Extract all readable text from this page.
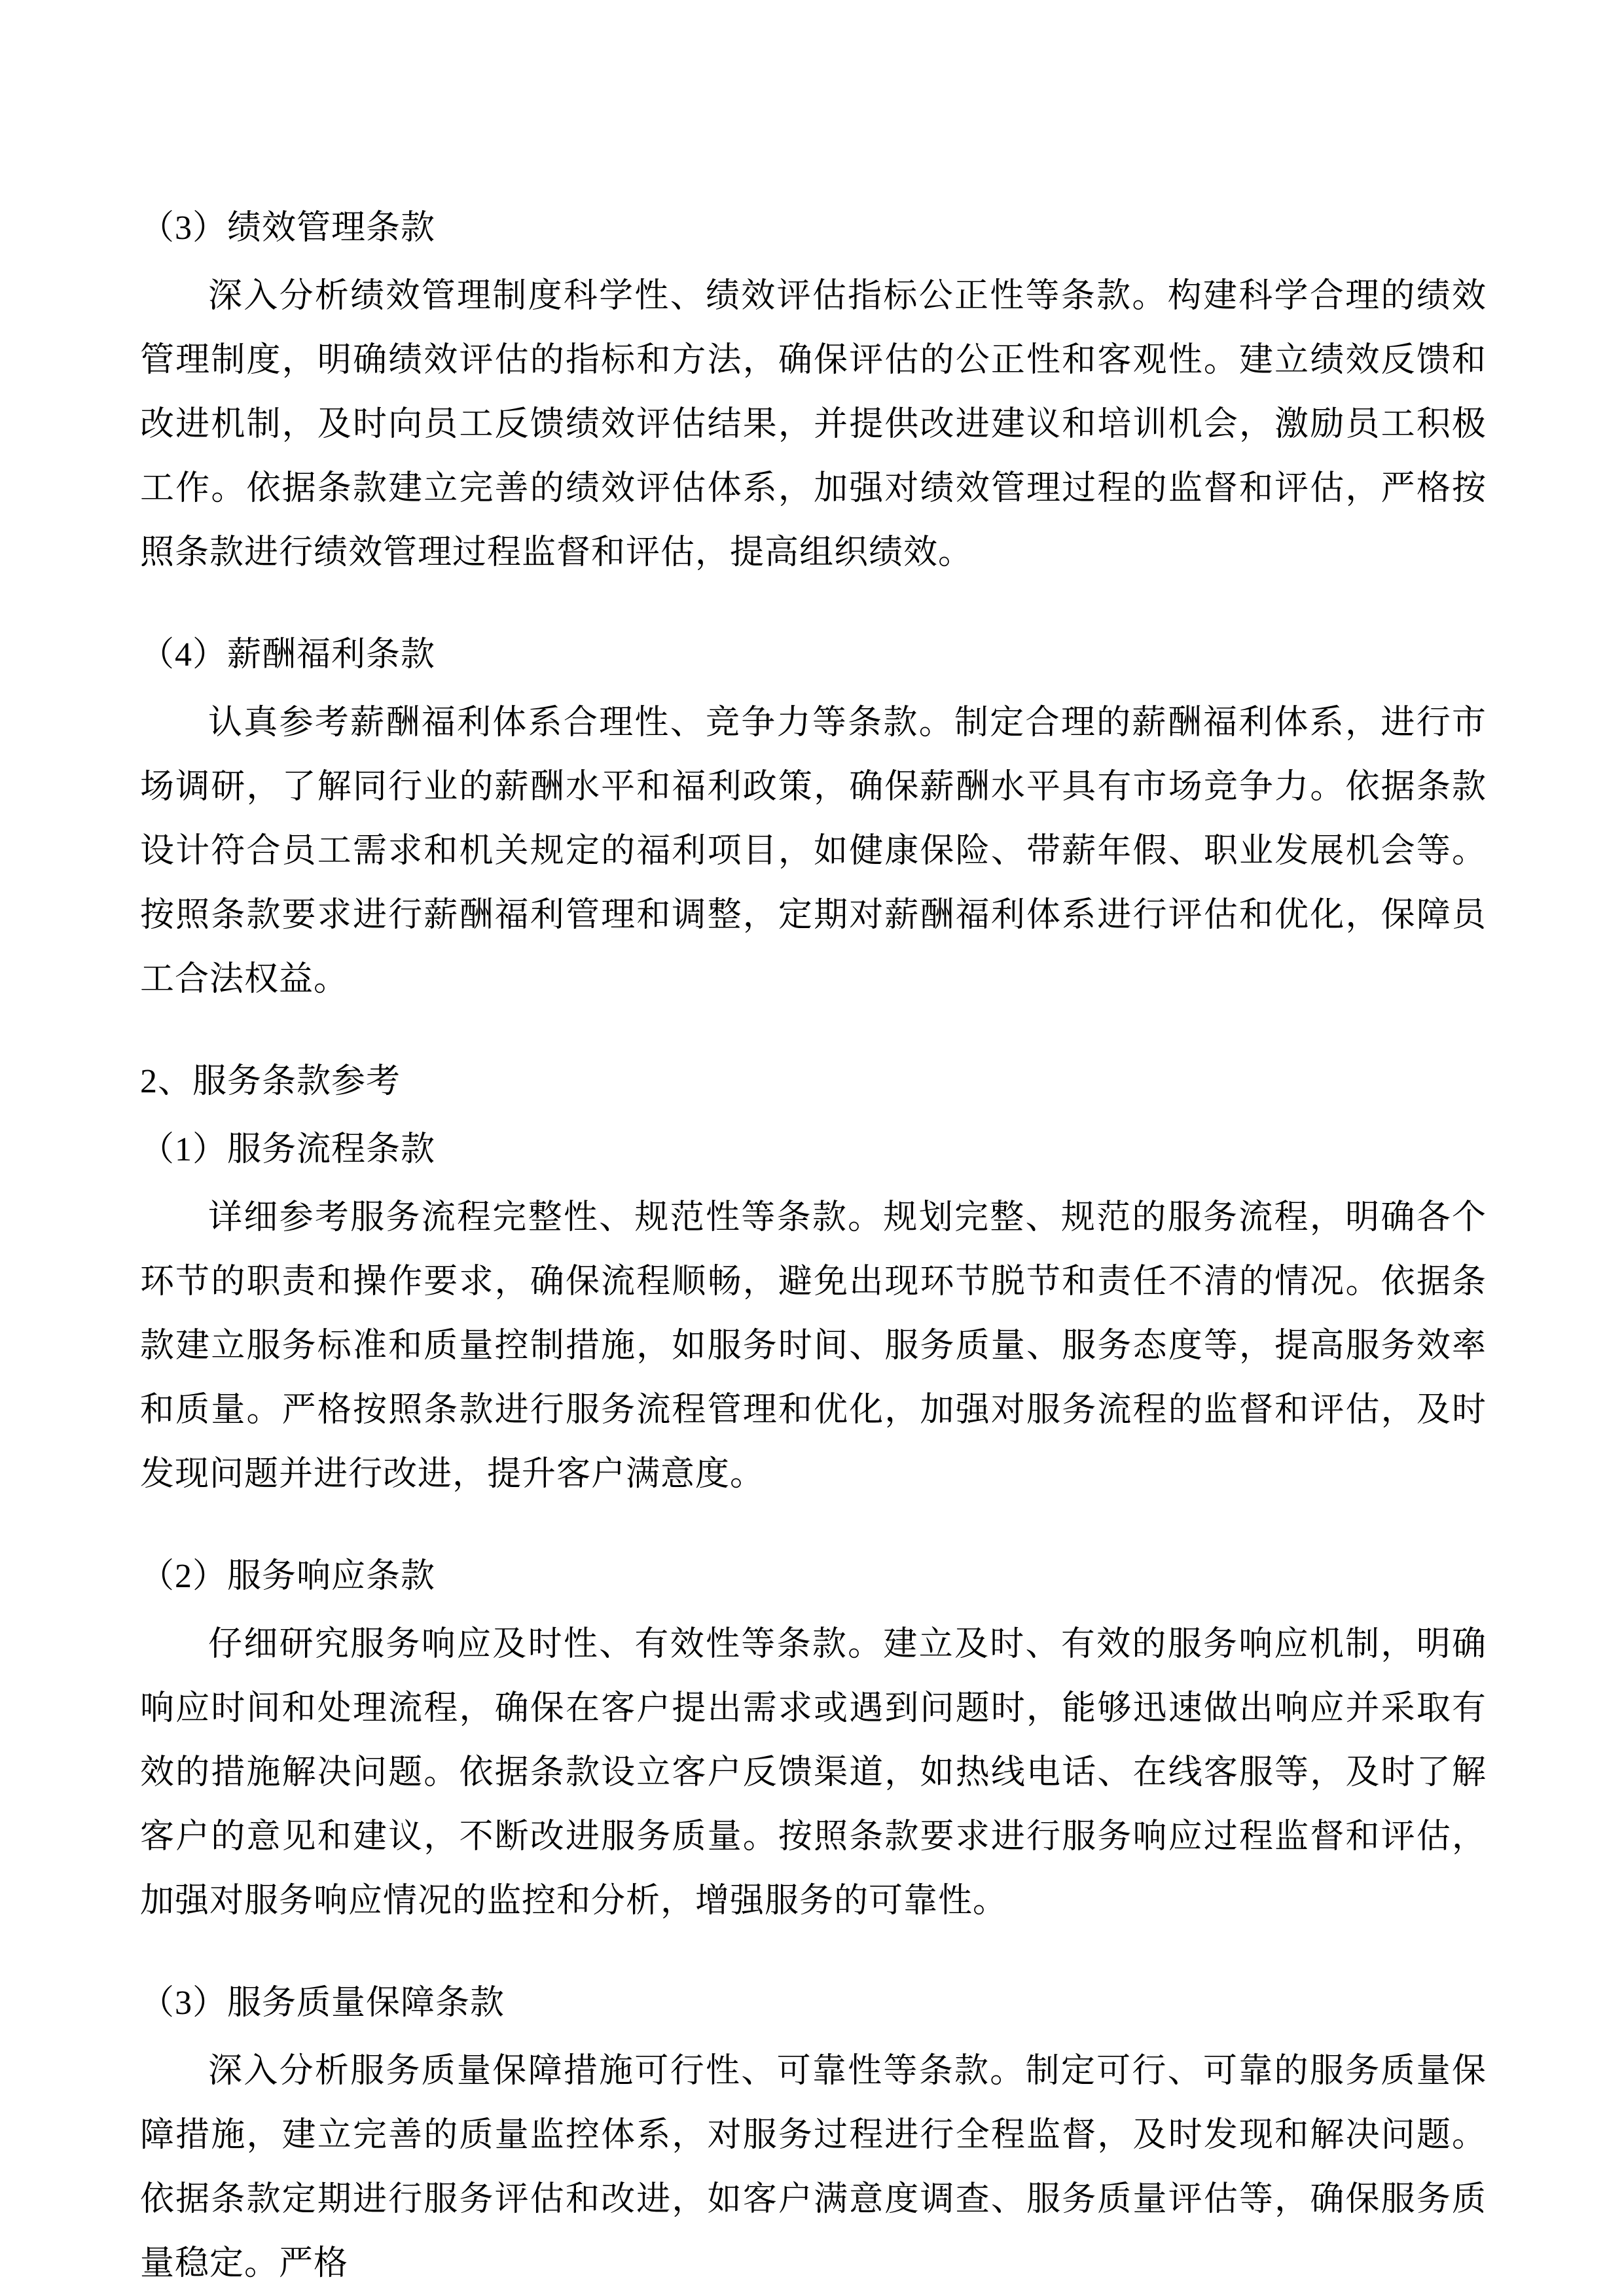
（3）绩效管理条款
深入分析绩效管理制度科学性、绩效评估指标公正性等条款。构建科学合理的绩效管理制度，明确绩效评估的指标和方法，确保评估的公正性和客观性。建立绩效反馈和改进机制，及时向员工反馈绩效评估结果，并提供改进建议和培训机会，激励员工积极工作。依据条款建立完善的绩效评估体系，加强对绩效管理过程的监督和评估，严格按照条款进行绩效管理过程监督和评估，提高组织绩效。
（4）薪酬福利条款
认真参考薪酬福利体系合理性、竞争力等条款。制定合理的薪酬福利体系，进行市场调研，了解同行业的薪酬水平和福利政策，确保薪酬水平具有市场竞争力。依据条款设计符合员工需求和机关规定的福利项目，如健康保险、带薪年假、职业发展机会等。按照条款要求进行薪酬福利管理和调整，定期对薪酬福利体系进行评估和优化，保障员工合法权益。
2、服务条款参考
（1）服务流程条款
详细参考服务流程完整性、规范性等条款。规划完整、规范的服务流程，明确各个环节的职责和操作要求，确保流程顺畅，避免出现环节脱节和责任不清的情况。依据条款建立服务标准和质量控制措施，如服务时间、服务质量、服务态度等，提高服务效率和质量。严格按照条款进行服务流程管理和优化，加强对服务流程的监督和评估，及时发现问题并进行改进，提升客户满意度。
（2）服务响应条款
仔细研究服务响应及时性、有效性等条款。建立及时、有效的服务响应机制，明确响应时间和处理流程，确保在客户提出需求或遇到问题时，能够迅速做出响应并采取有效的措施解决问题。依据条款设立客户反馈渠道，如热线电话、在线客服等，及时了解客户的意见和建议，不断改进服务质量。按照条款要求进行服务响应过程监督和评估，加强对服务响应情况的监控和分析，增强服务的可靠性。
（3）服务质量保障条款
深入分析服务质量保障措施可行性、可靠性等条款。制定可行、可靠的服务质量保障措施，建立完善的质量监控体系，对服务过程进行全程监督，及时发现和解决问题。依据条款定期进行服务评估和改进，如客户满意度调查、服务质量评估等，确保服务质量稳定。严格
